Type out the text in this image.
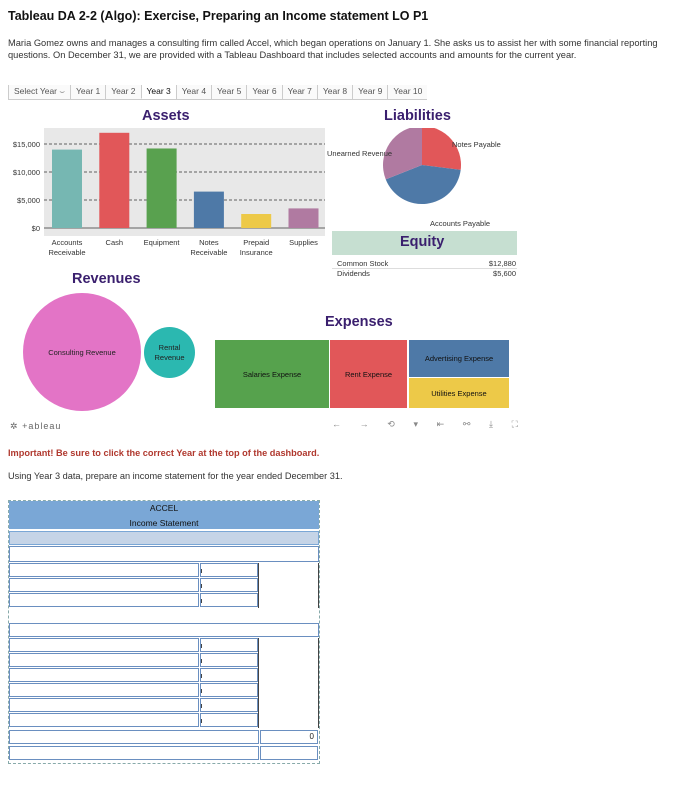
Tableau DA 2-2 (Algo): Exercise, Preparing an Income statement LO P1
Maria Gomez owns and manages a consulting firm called Accel, which began operations on January 1. She asks us to assist her with some financial reporting questions. On December 31, we are provided with a Tableau Dashboard that includes selected accounts and amounts for the current year.
Select Year ⌣	Year 1	Year 2	Year 3	Year 4	Year 5	Year 6	Year 7	Year 8	Year 9	Year 10
Assets
$0
$5,000
$10,000
$15,000
Accounts
Receivable
Cash	Equipment	Notes
Receivable
Prepaid
Insurance
Supplies
Liabilities
Notes Payable
Accounts Payable
Unearned Revenue
Equity
Common Stock	$12,880
Dividends	$5,600
Revenues
Consulting Revenue
Rental
Revenue
Expenses
Salaries Expense	Rent Expense
Advertising Expense
Utilities Expense
✲ +ableau	← → ⟲ ▾ ⇤ ⚯ ⤓ ⛶
Important! Be sure to click the correct Year at the top of the dashboard.
Using Year 3 data, prepare an income statement for the year ended December 31.
ACCEL
Income Statement
0
